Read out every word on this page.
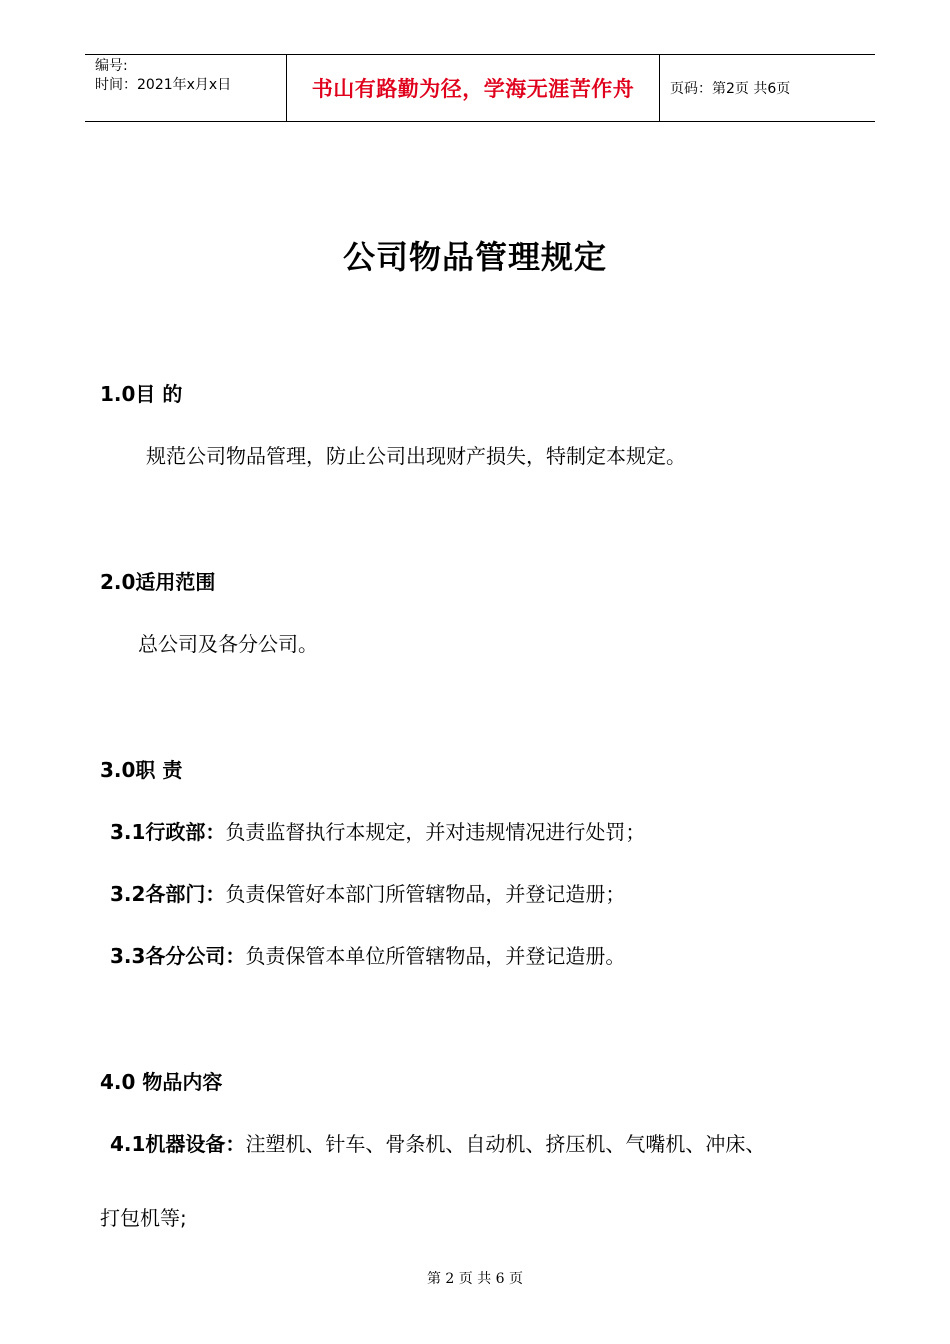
编号:
时间：2021年x月x日	书山有路勤为径，学海无涯苦作舟	页码：第2页 共6页
公司物品管理规定
1.0目 的
规范公司物品管理，防止公司出现财产损失，特制定本规定。
2.0适用范围
总公司及各分公司。
3.0职 责
3.1行政部：负责监督执行本规定，并对违规情况进行处罚；
3.2各部门：负责保管好本部门所管辖物品，并登记造册；
3.3各分公司：负责保管本单位所管辖物品，并登记造册。
4.0 物品内容
4.1机器设备：注塑机、针车、骨条机、自动机、挤压机、气嘴机、冲床、
打包机等;
第 2 页 共 6 页
